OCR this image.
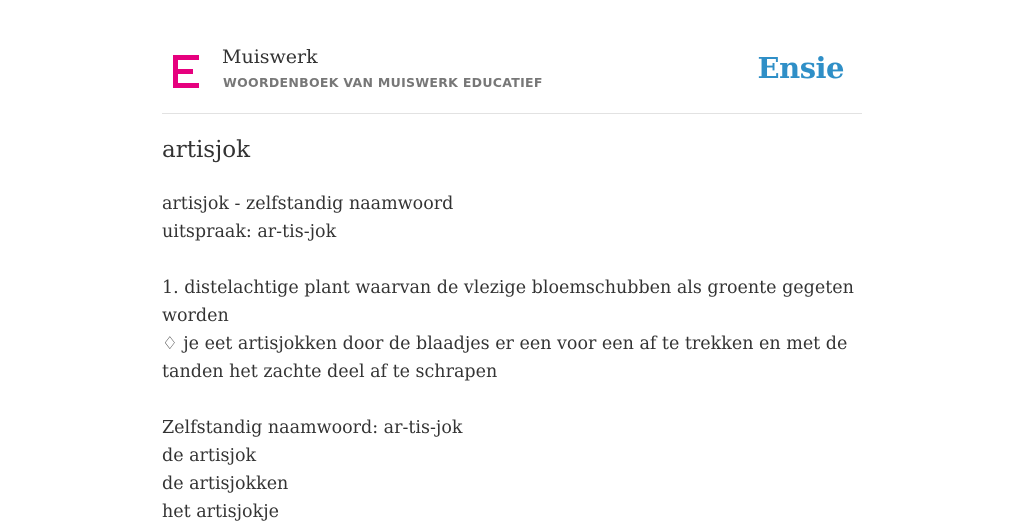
Muiswerk
WOORDENBOEK VAN MUISWERK EDUCATIEF	Ensie
artisjok
artisjok - zelfstandig naamwoord
uitspraak: ar-tis-jok
1. distelachtige plant waarvan de vlezige bloemschubben als groente gegeten
worden
♢ je eet artisjokken door de blaadjes er een voor een af te trekken en met de
tanden het zachte deel af te schrapen
Zelfstandig naamwoord: ar-tis-jok
de artisjok
de artisjokken
het artisjokje
